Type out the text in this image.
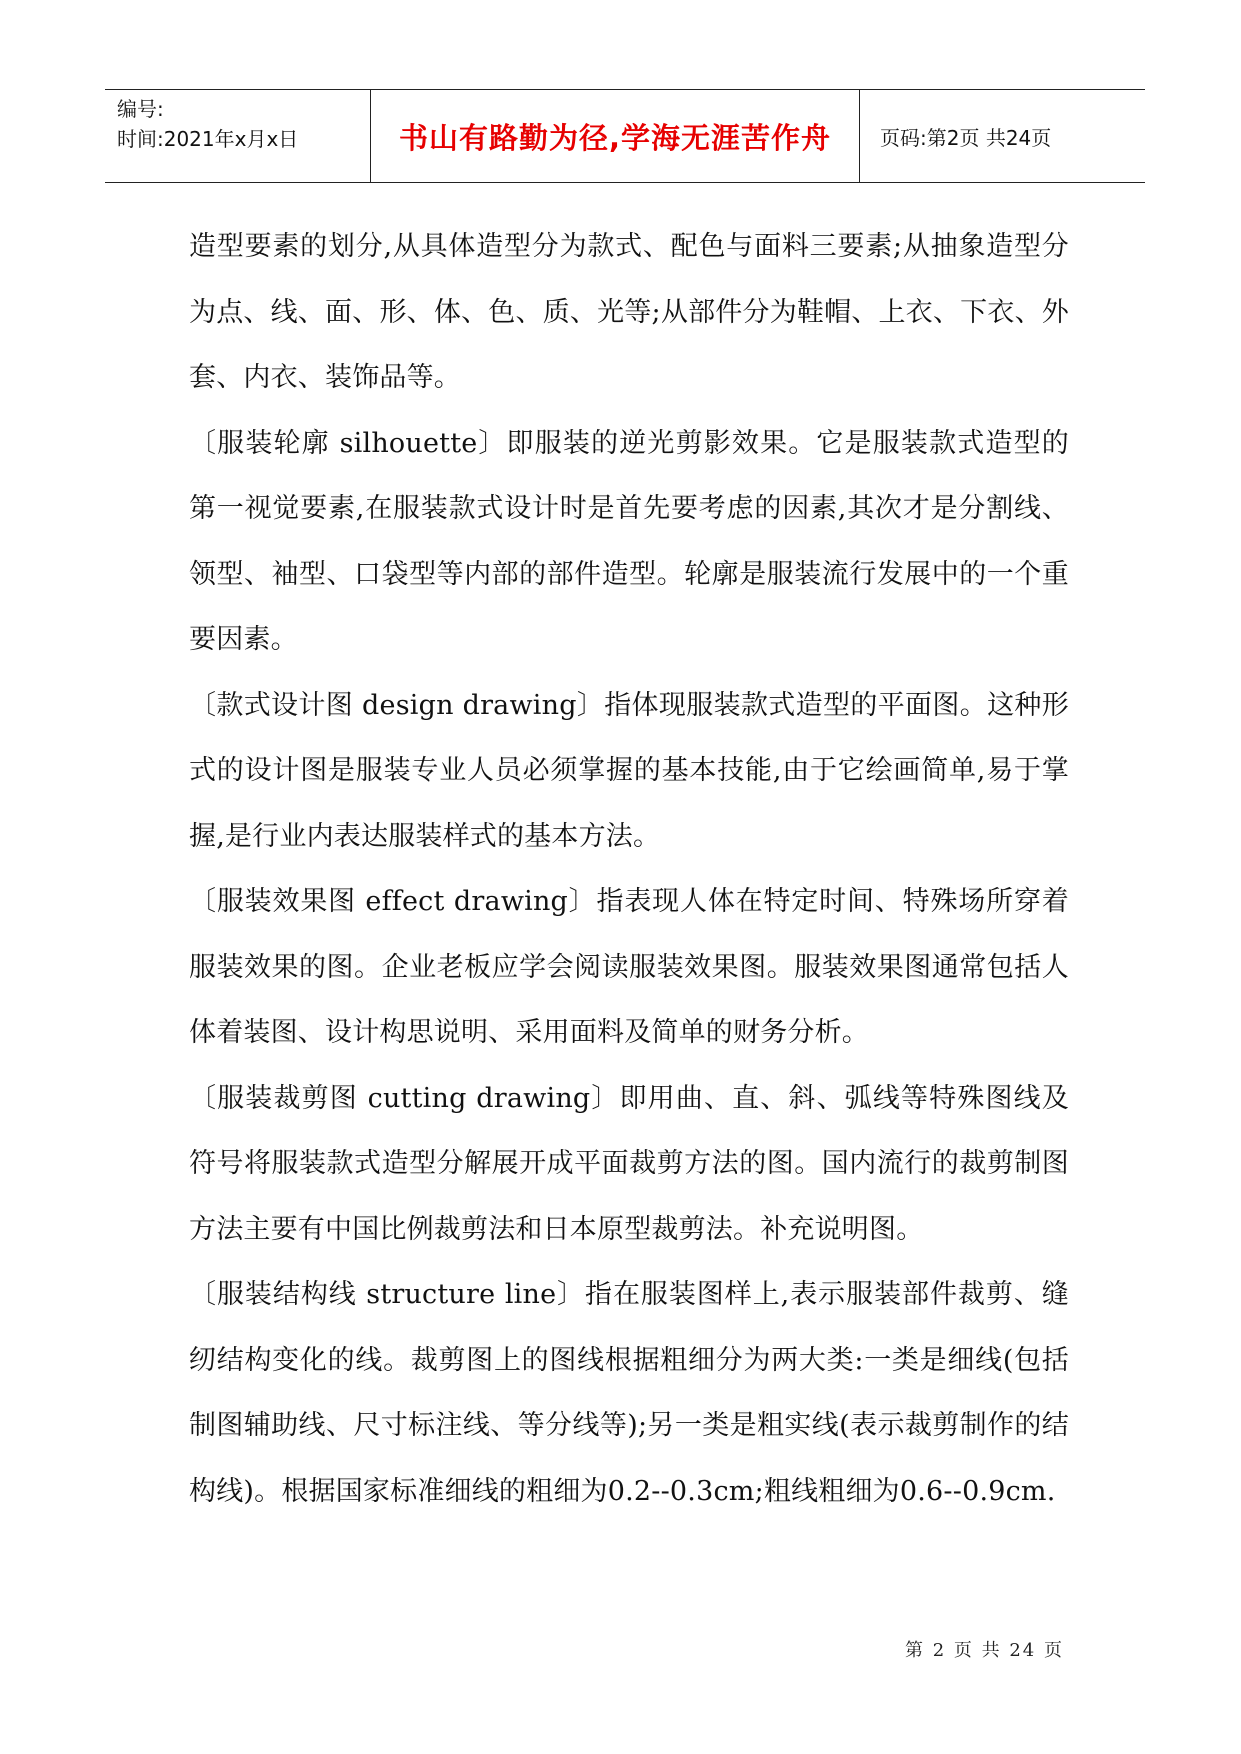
编号:
时间:2021年x月x日	书山有路勤为径,学海无涯苦作舟 页码:第2页 共24页

造型要素的划分,从具体造型分为款式、配色与面料三要素;从抽象造型分为点、线、面、形、体、色、质、光等;从部件分为鞋帽、上衣、下衣、外套、内衣、装饰品等。

〔服装轮廓 silhouette〕即服装的逆光剪影效果。它是服装款式造型的第一视觉要素,在服装款式设计时是首先要考虑的因素,其次才是分割线、领型、袖型、口袋型等内部的部件造型。轮廓是服装流行发展中的一个重要因素。

〔款式设计图 design drawing〕指体现服装款式造型的平面图。这种形式的设计图是服装专业人员必须掌握的基本技能,由于它绘画简单,易于掌握,是行业内表达服装样式的基本方法。

〔服装效果图 effect drawing〕指表现人体在特定时间、特殊场所穿着服装效果的图。企业老板应学会阅读服装效果图。服装效果图通常包括人体着装图、设计构思说明、采用面料及简单的财务分析。

〔服装裁剪图 cutting drawing〕即用曲、直、斜、弧线等特殊图线及符号将服装款式造型分解展开成平面裁剪方法的图。国内流行的裁剪制图方法主要有中国比例裁剪法和日本原型裁剪法。补充说明图。

〔服装结构线 structure line〕指在服装图样上,表示服装部件裁剪、缝纫结构变化的线。裁剪图上的图线根据粗细分为两大类:一类是细线(包括制图辅助线、尺寸标注线、等分线等);另一类是粗实线(表示裁剪制作的结构线)。根据国家标准细线的粗细为0.2--0.3cm;粗线粗细为0.6--0.9cm.

第 2 页 共 24 页
